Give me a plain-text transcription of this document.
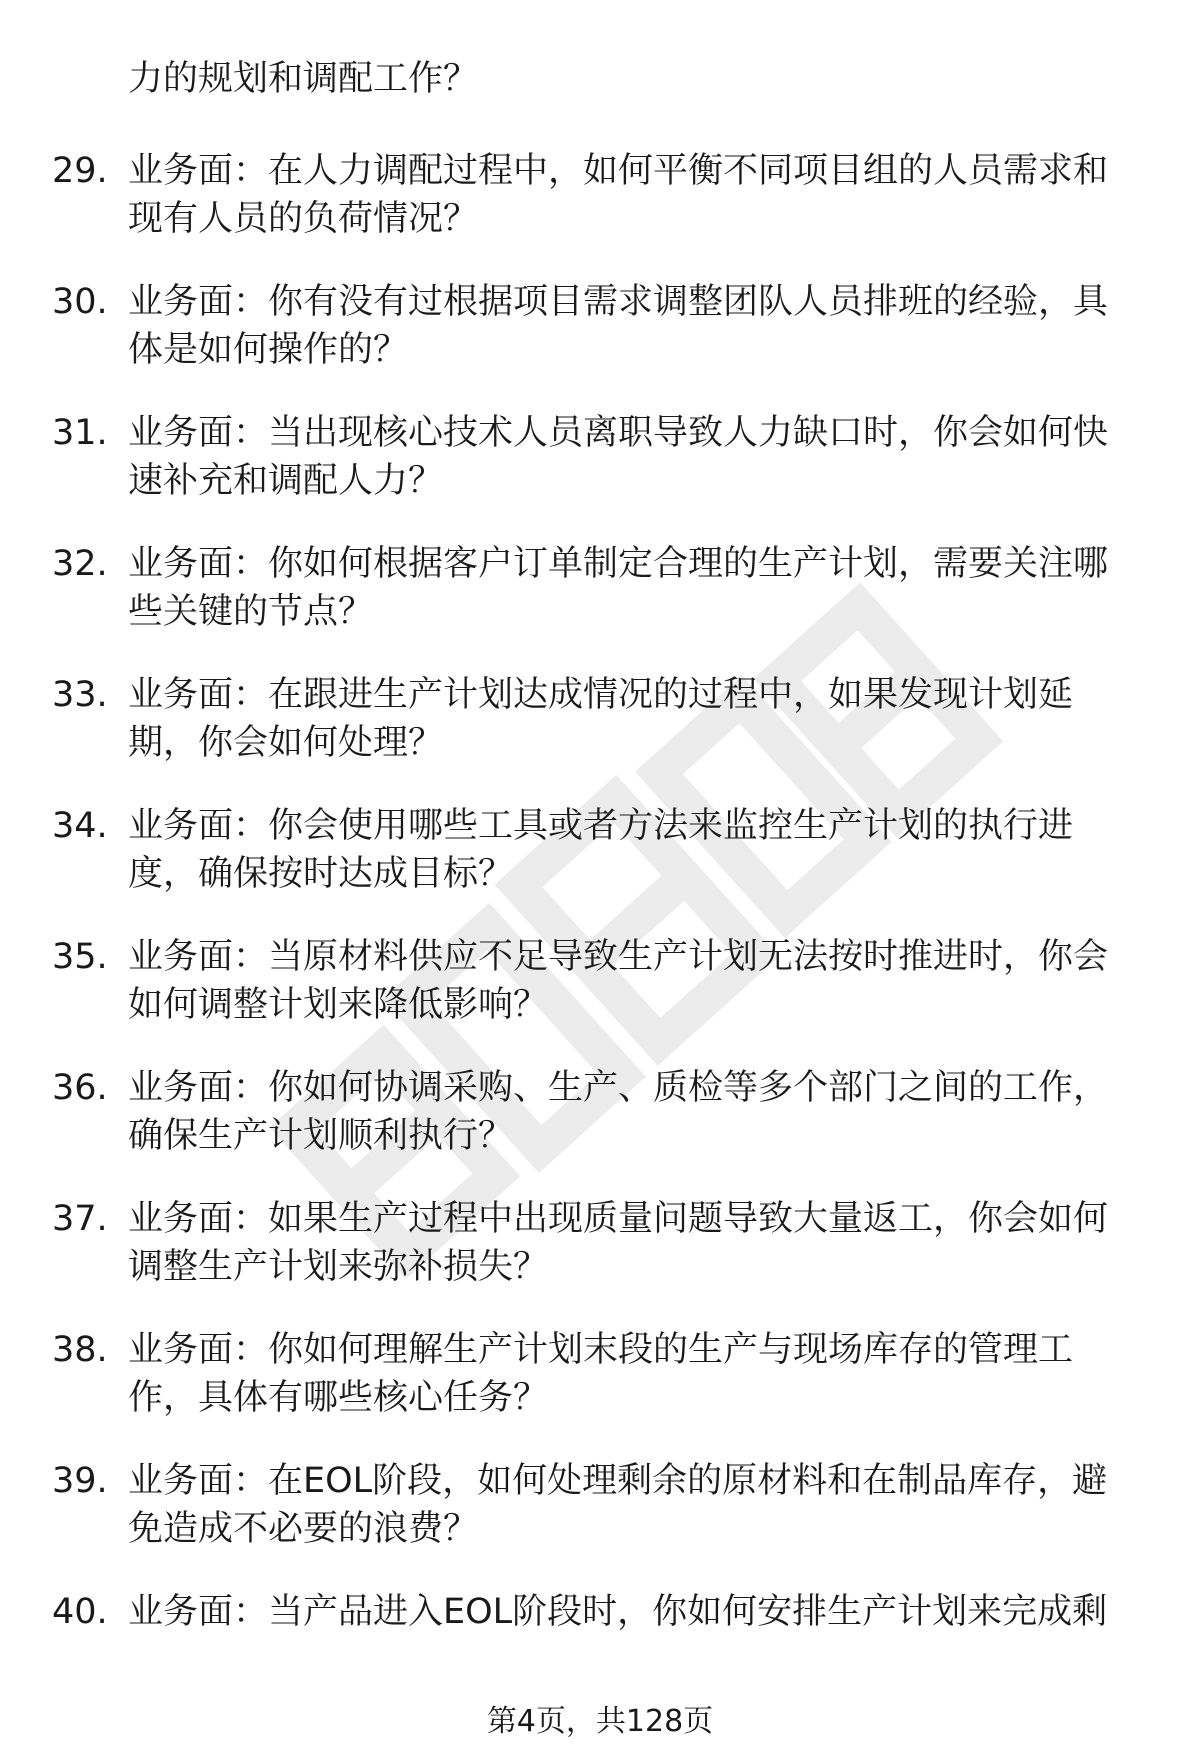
力的规划和调配工作？
29. 业务面：在人力调配过程中，如何平衡不同项目组的人员需求和现有人员的负荷情况？
30. 业务面：你有没有过根据项目需求调整团队人员排班的经验，具体是如何操作的？
31. 业务面：当出现核心技术人员离职导致人力缺口时，你会如何快速补充和调配人力？
32. 业务面：你如何根据客户订单制定合理的生产计划，需要关注哪些关键的节点？
33. 业务面：在跟进生产计划达成情况的过程中，如果发现计划延期，你会如何处理？
34. 业务面：你会使用哪些工具或者方法来监控生产计划的执行进度，确保按时达成目标？
35. 业务面：当原材料供应不足导致生产计划无法按时推进时，你会如何调整计划来降低影响？
36. 业务面：你如何协调采购、生产、质检等多个部门之间的工作，确保生产计划顺利执行？
37. 业务面：如果生产过程中出现质量问题导致大量返工，你会如何调整生产计划来弥补损失？
38. 业务面：你如何理解生产计划末段的生产与现场库存的管理工作，具体有哪些核心任务？
39. 业务面：在EOL阶段，如何处理剩余的原材料和在制品库存，避免造成不必要的浪费？
40. 业务面：当产品进入EOL阶段时，你如何安排生产计划来完成剩
第4页，共128页
